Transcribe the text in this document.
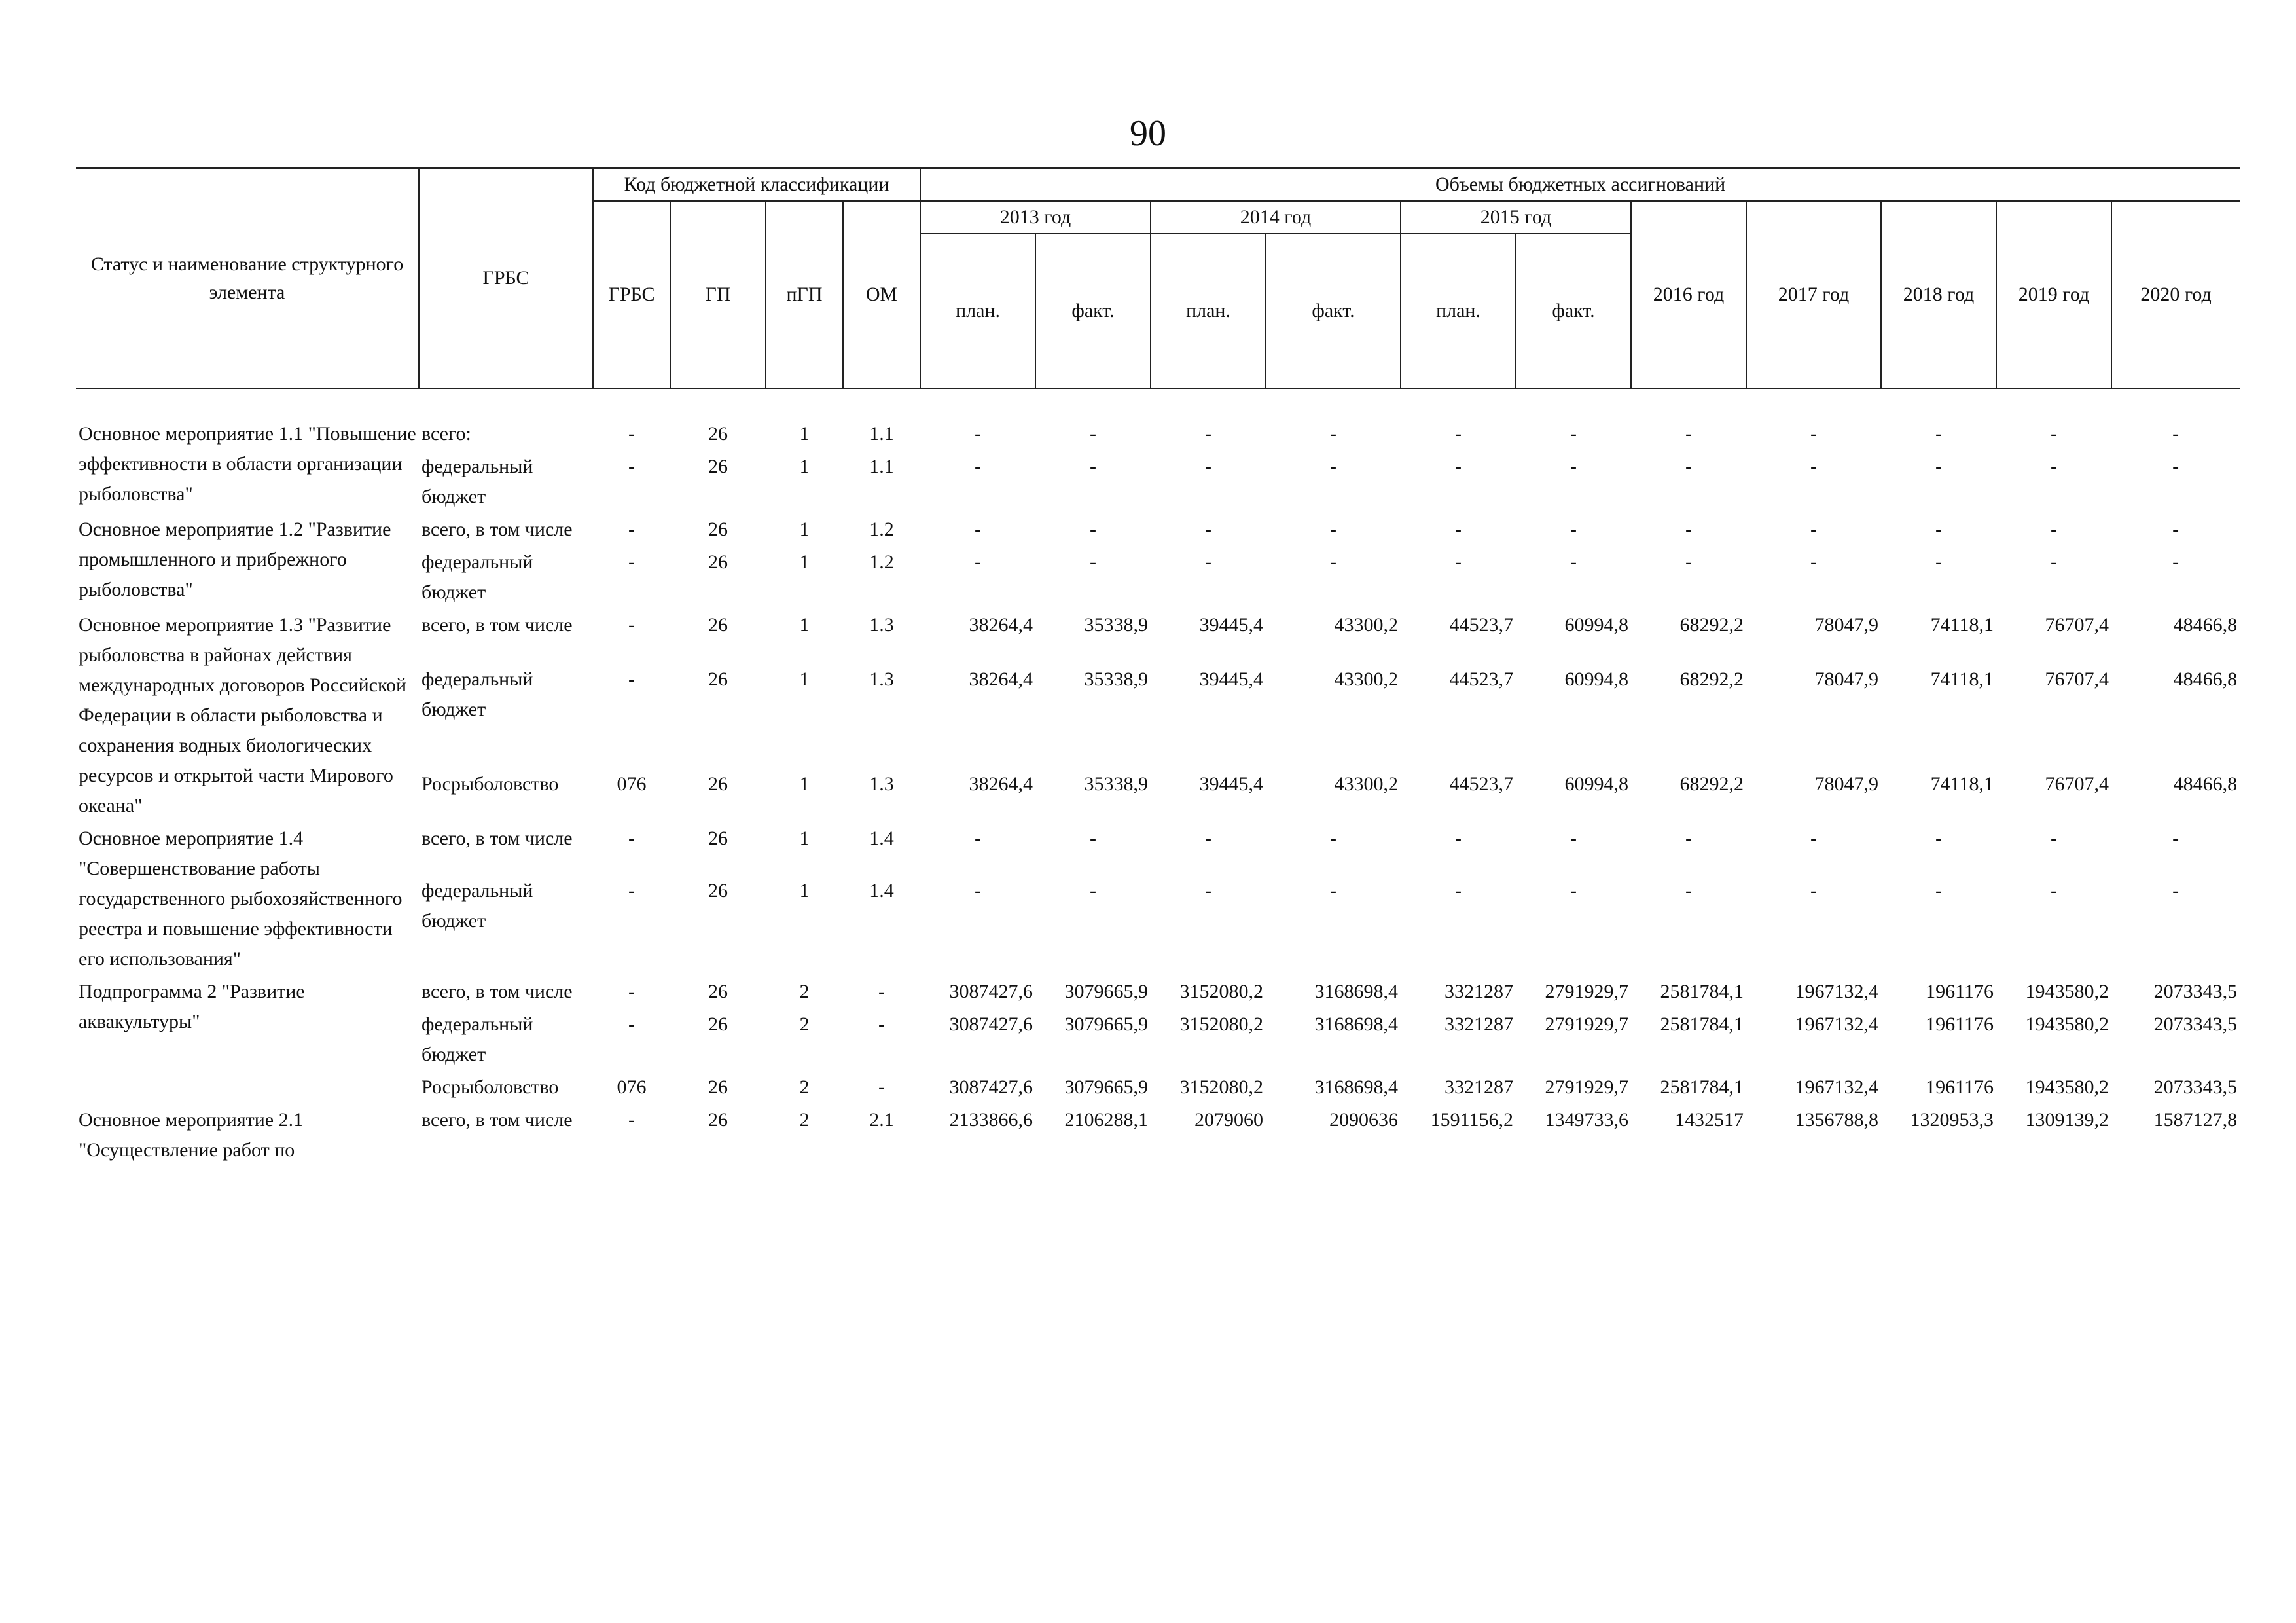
90
Статус и наименование структурного элемента	ГРБС	Код бюджетной классификации				Объемы бюджетных ассигнований										
		ГРБС	ГП	пГП	ОМ	2013 год		2014 год		2015 год		2016 год	2017 год	2018 год	2019 год	2020 год
						план.	факт.	план.	факт.	план.	факт.					

Основное мероприятие 1.1 "Повышение эффективности в области организации рыболовства"	всего:	-	26	1	1.1	-	-	-	-	-	-	-	-	-	-	-
	федеральный бюджет	-	26	1	1.1	-	-	-	-	-	-	-	-	-	-	-
Основное мероприятие 1.2 "Развитие промышленного и прибрежного рыболовства"	всего, в том числе	-	26	1	1.2	-	-	-	-	-	-	-	-	-	-	-
	федеральный бюджет	-	26	1	1.2	-	-	-	-	-	-	-	-	-	-	-
Основное мероприятие 1.3 "Развитие рыболовства в районах действия международных договоров Российской Федерации в области рыболовства и сохранения водных биологических ресурсов и открытой части Мирового океана"	всего, в том числе	-	26	1	1.3	38264,4	35338,9	39445,4	43300,2	44523,7	60994,8	68292,2	78047,9	74118,1	76707,4	48466,8
	федеральный бюджет	-	26	1	1.3	38264,4	35338,9	39445,4	43300,2	44523,7	60994,8	68292,2	78047,9	74118,1	76707,4	48466,8
	Росрыболовство	076	26	1	1.3	38264,4	35338,9	39445,4	43300,2	44523,7	60994,8	68292,2	78047,9	74118,1	76707,4	48466,8
Основное мероприятие 1.4 "Совершенствование работы государственного рыбохозяйственного реестра и повышение эффективности его использования"	всего, в том числе	-	26	1	1.4	-	-	-	-	-	-	-	-	-	-	-
	федеральный бюджет	-	26	1	1.4	-	-	-	-	-	-	-	-	-	-	-
Подпрограмма 2 "Развитие аквакультуры"	всего, в том числе	-	26	2	-	3087427,6	3079665,9	3152080,2	3168698,4	3321287	2791929,7	2581784,1	1967132,4	1961176	1943580,2	2073343,5
	федеральный бюджет	-	26	2	-	3087427,6	3079665,9	3152080,2	3168698,4	3321287	2791929,7	2581784,1	1967132,4	1961176	1943580,2	2073343,5
	Росрыболовство	076	26	2	-	3087427,6	3079665,9	3152080,2	3168698,4	3321287	2791929,7	2581784,1	1967132,4	1961176	1943580,2	2073343,5
Основное мероприятие 2.1 "Осуществление работ по	всего, в том числе	-	26	2	2.1	2133866,6	2106288,1	2079060	2090636	1591156,2	1349733,6	1432517	1356788,8	1320953,3	1309139,2	1587127,8
